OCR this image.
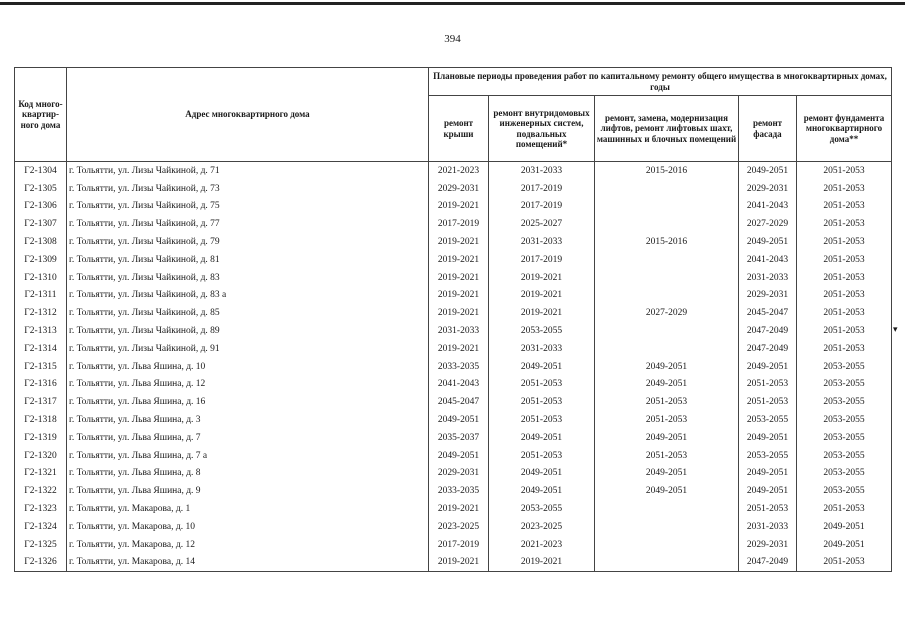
394
Код много-квартир-ного дома	Адрес многоквартирного дома	Плановые периоды проведения работ по капитальному ремонту общего имущества в многоквартирных домах, годы				
		ремонт крыши	ремонт внутридомовых инженерных систем, подвальных помещений*	ремонт, замена, модернизация лифтов, ремонт лифтовых шахт, машинных и блочных помещений	ремонт фасада	ремонт фундамента многоквартирного дома**
Г2-1304	г. Тольятти, ул. Лизы Чайкиной, д. 71	2021-2023	2031-2033	2015-2016	2049-2051	2051-2053
Г2-1305	г. Тольятти, ул. Лизы Чайкиной, д. 73	2029-2031	2017-2019		2029-2031	2051-2053
Г2-1306	г. Тольятти, ул. Лизы Чайкиной, д. 75	2019-2021	2017-2019		2041-2043	2051-2053
Г2-1307	г. Тольятти, ул. Лизы Чайкиной, д. 77	2017-2019	2025-2027		2027-2029	2051-2053
Г2-1308	г. Тольятти, ул. Лизы Чайкиной, д. 79	2019-2021	2031-2033	2015-2016	2049-2051	2051-2053
Г2-1309	г. Тольятти, ул. Лизы Чайкиной, д. 81	2019-2021	2017-2019		2041-2043	2051-2053
Г2-1310	г. Тольятти, ул. Лизы Чайкиной, д. 83	2019-2021	2019-2021		2031-2033	2051-2053
Г2-1311	г. Тольятти, ул. Лизы Чайкиной, д. 83 а	2019-2021	2019-2021		2029-2031	2051-2053
Г2-1312	г. Тольятти, ул. Лизы Чайкиной, д. 85	2019-2021	2019-2021	2027-2029	2045-2047	2051-2053
Г2-1313	г. Тольятти, ул. Лизы Чайкиной, д. 89	2031-2033	2053-2055		2047-2049	2051-2053
Г2-1314	г. Тольятти, ул. Лизы Чайкиной, д. 91	2019-2021	2031-2033		2047-2049	2051-2053
Г2-1315	г. Тольятти, ул. Льва Яшина, д. 10	2033-2035	2049-2051	2049-2051	2049-2051	2053-2055
Г2-1316	г. Тольятти, ул. Льва Яшина, д. 12	2041-2043	2051-2053	2049-2051	2051-2053	2053-2055
Г2-1317	г. Тольятти, ул. Льва Яшина, д. 16	2045-2047	2051-2053	2051-2053	2051-2053	2053-2055
Г2-1318	г. Тольятти, ул. Льва Яшина, д. 3	2049-2051	2051-2053	2051-2053	2053-2055	2053-2055
Г2-1319	г. Тольятти, ул. Льва Яшина, д. 7	2035-2037	2049-2051	2049-2051	2049-2051	2053-2055
Г2-1320	г. Тольятти, ул. Льва Яшина, д. 7 а	2049-2051	2051-2053	2051-2053	2053-2055	2053-2055
Г2-1321	г. Тольятти, ул. Льва Яшина, д. 8	2029-2031	2049-2051	2049-2051	2049-2051	2053-2055
Г2-1322	г. Тольятти, ул. Льва Яшина, д. 9	2033-2035	2049-2051	2049-2051	2049-2051	2053-2055
Г2-1323	г. Тольятти, ул. Макарова, д. 1	2019-2021	2053-2055		2051-2053	2051-2053
Г2-1324	г. Тольятти, ул. Макарова, д. 10	2023-2025	2023-2025		2031-2033	2049-2051
Г2-1325	г. Тольятти, ул. Макарова, д. 12	2017-2019	2021-2023		2029-2031	2049-2051
Г2-1326	г. Тольятти, ул. Макарова, д. 14	2019-2021	2019-2021		2047-2049	2051-2053
▾
